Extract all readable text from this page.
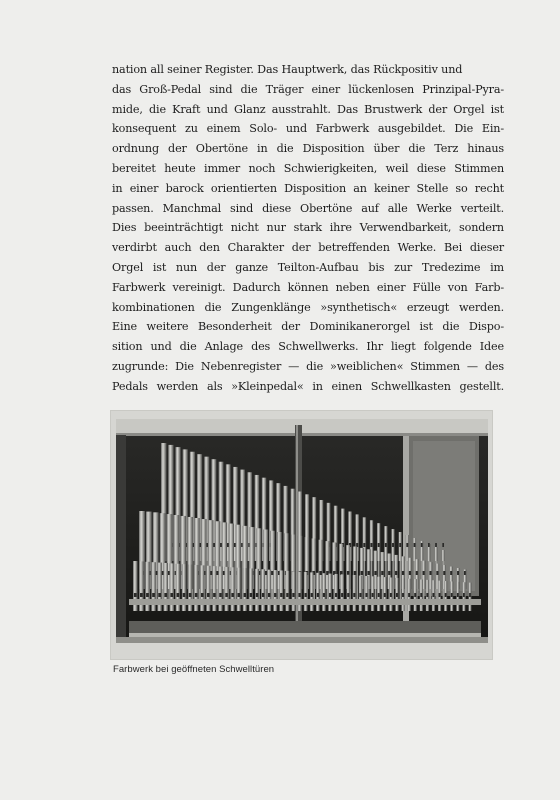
nation all seiner Register. Das Hauptwerk, das Rückpositiv und
das Groß-Pedal sind die Träger einer lückenlosen Prinzipal-Pyra-
mide, die Kraft und Glanz ausstrahlt. Das Brustwerk der Orgel ist
konsequent zu einem Solo- und Farbwerk ausgebildet. Die Ein-
ordnung der Obertöne in die Disposition über die Terz hinaus
bereitet heute immer noch Schwierigkeiten, weil diese Stimmen
in einer barock orientierten Disposition an keiner Stelle so recht
passen. Manchmal sind diese Obertöne auf alle Werke verteilt.
Dies beeinträchtigt nicht nur stark ihre Verwendbarkeit, sondern
verdirbt auch den Charakter der betreffenden Werke. Bei dieser
Orgel ist nun der ganze Teilton-Aufbau bis zur Tredezime im
Farbwerk vereinigt. Dadurch können neben einer Fülle von Farb-
kombinationen die Zungenklänge »synthetisch« erzeugt werden.
Eine weitere Besonderheit der Dominikanerorgel ist die Dispo-
sition und die Anlage des Schwellwerks. Ihr liegt folgende Idee
zugrunde: Die Nebenregister — die »weiblichen« Stimmen — des
Pedals werden als »Kleinpedal« in einen Schwellkasten gestellt.
Farbwerk bei geöffneten Schwelltüren
